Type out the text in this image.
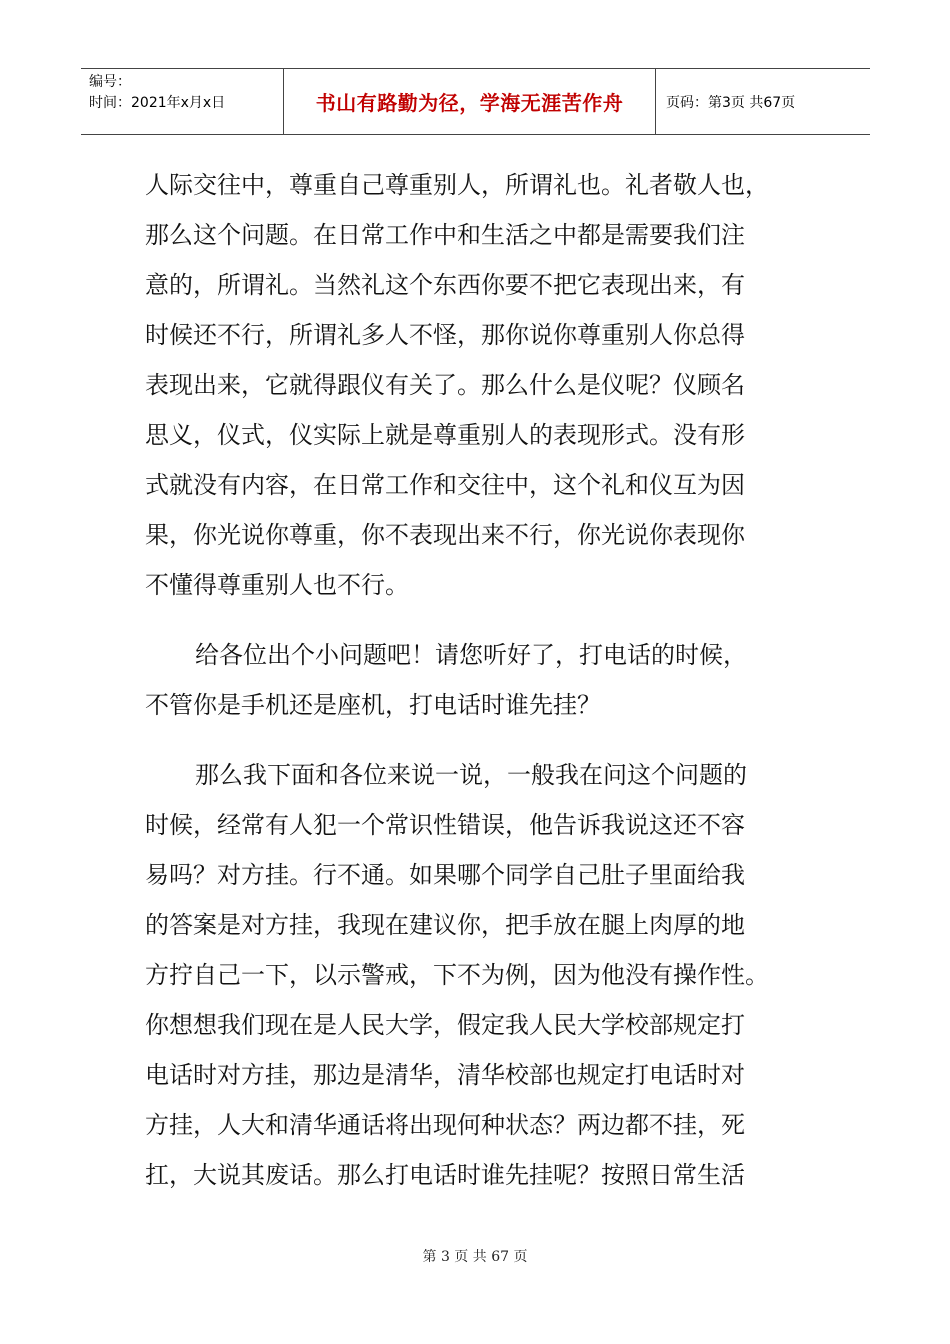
编号：
时间：2021年x月x日	书山有路勤为径，学海无涯苦作舟	页码：第3页 共67页
人际交往中，尊重自己尊重别人，所谓礼也。礼者敬人也，
那么这个问题。在日常工作中和生活之中都是需要我们注
意的，所谓礼。当然礼这个东西你要不把它表现出来，有
时候还不行，所谓礼多人不怪，那你说你尊重别人你总得
表现出来，它就得跟仪有关了。那么什么是仪呢？仪顾名
思义，仪式，仪实际上就是尊重别人的表现形式。没有形
式就没有内容，在日常工作和交往中，这个礼和仪互为因
果，你光说你尊重，你不表现出来不行，你光说你表现你
不懂得尊重别人也不行。
给各位出个小问题吧！请您听好了，打电话的时候，
不管你是手机还是座机，打电话时谁先挂？
那么我下面和各位来说一说，一般我在问这个问题的
时候，经常有人犯一个常识性错误，他告诉我说这还不容
易吗？对方挂。行不通。如果哪个同学自己肚子里面给我
的答案是对方挂，我现在建议你，把手放在腿上肉厚的地
方拧自己一下，以示警戒，下不为例，因为他没有操作性。
你想想我们现在是人民大学，假定我人民大学校部规定打
电话时对方挂，那边是清华，清华校部也规定打电话时对
方挂，人大和清华通话将出现何种状态？两边都不挂，死
扛，大说其废话。那么打电话时谁先挂呢？按照日常生活
第 3 页 共 67 页
